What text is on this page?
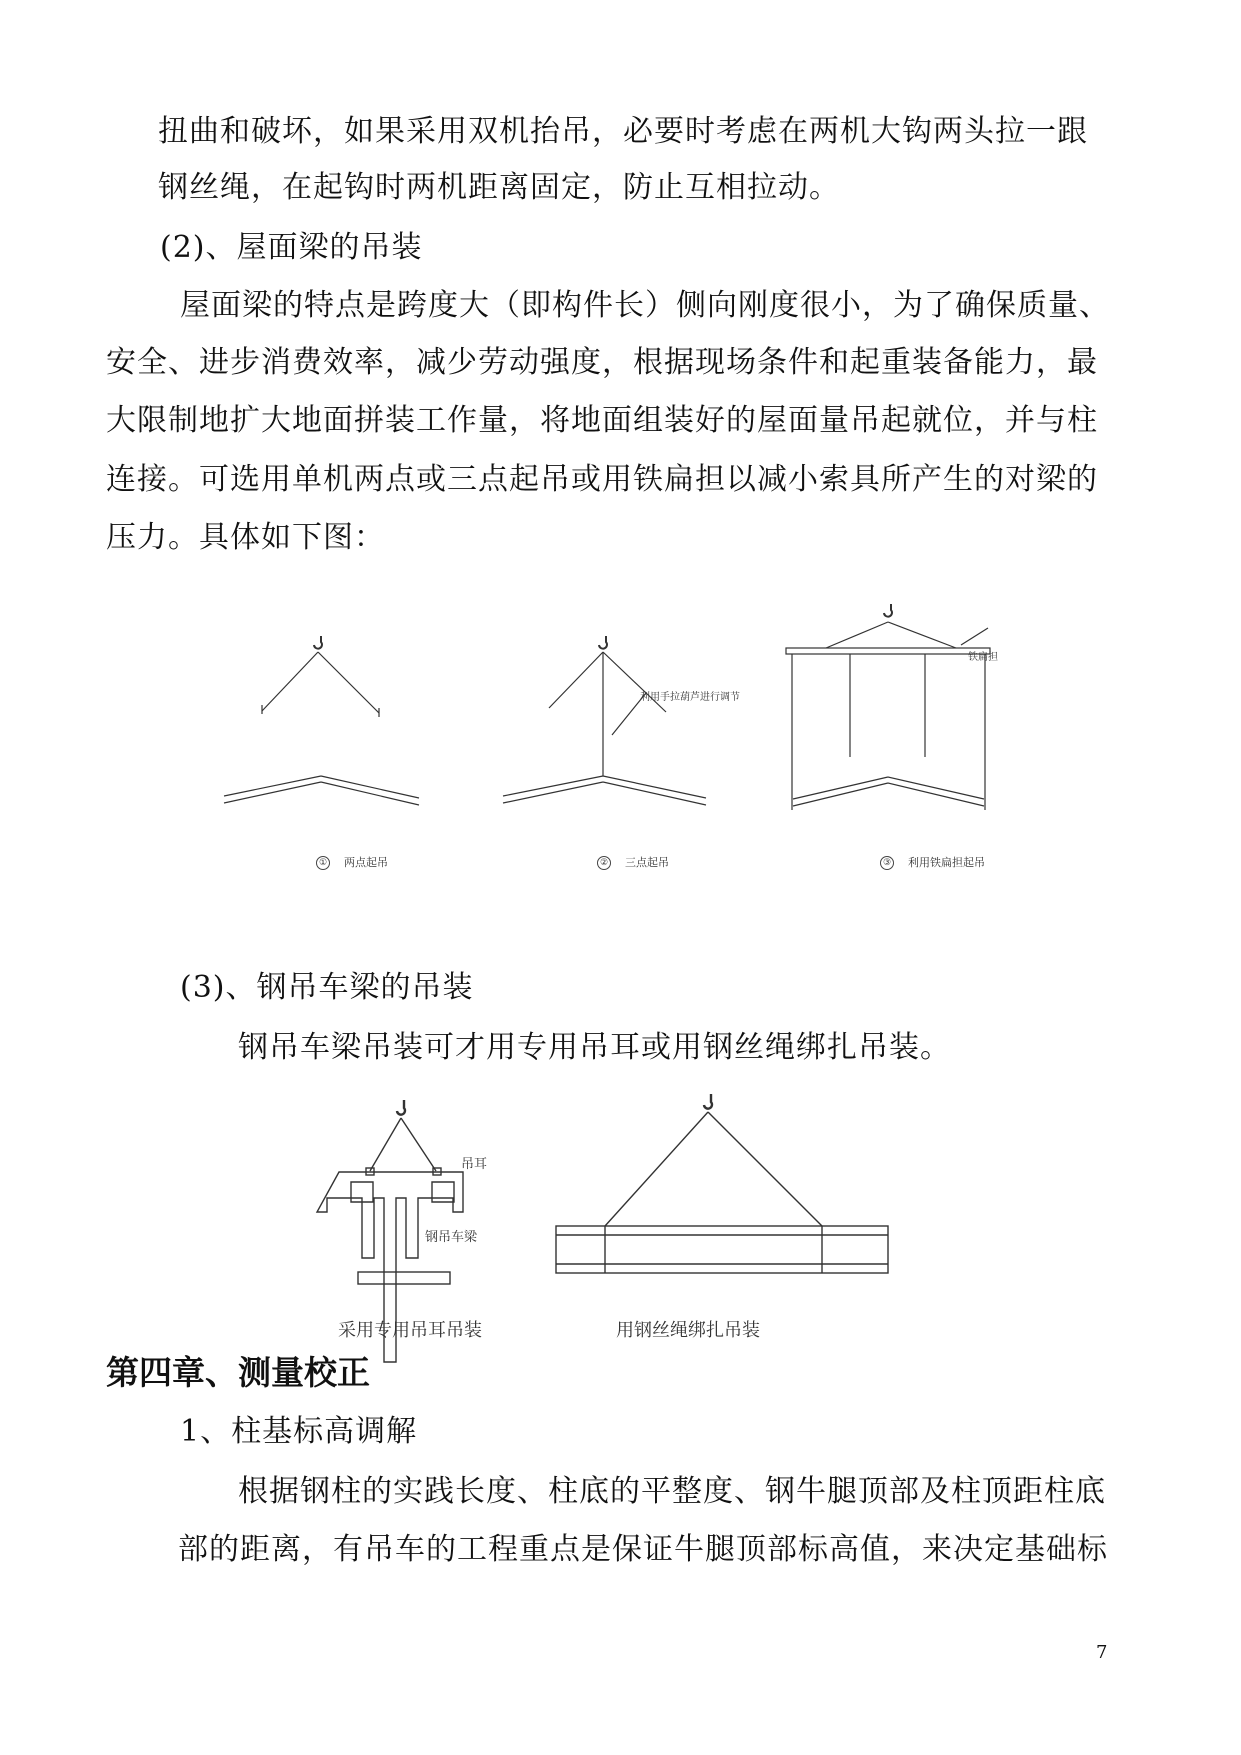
扭曲和破坏，如果采用双机抬吊，必要时考虑在两机大钩两头拉一跟
钢丝绳，在起钩时两机距离固定，防止互相拉动。
(2)、屋面梁的吊装
屋面梁的特点是跨度大（即构件长）侧向刚度很小，为了确保质量、
安全、进步消费效率，减少劳动强度，根据现场条件和起重装备能力，最
大限制地扩大地面拼装工作量，将地面组装好的屋面量吊起就位，并与柱
连接。可选用单机两点或三点起吊或用铁扁担以减小索具所产生的对梁的
压力。具体如下图：
利用手拉葫芦进行调节
铁扁担
① 两点起吊	② 三点起吊	③ 利用铁扁担起吊
(3)、钢吊车梁的吊装
钢吊车梁吊装可才用专用吊耳或用钢丝绳绑扎吊装。
吊耳
钢吊车梁
采用专用吊耳吊装	用钢丝绳绑扎吊装
第四章、测量校正
1、柱基标高调解
根据钢柱的实践长度、柱底的平整度、钢牛腿顶部及柱顶距柱底
部的距离，有吊车的工程重点是保证牛腿顶部标高值，来决定基础标
7
